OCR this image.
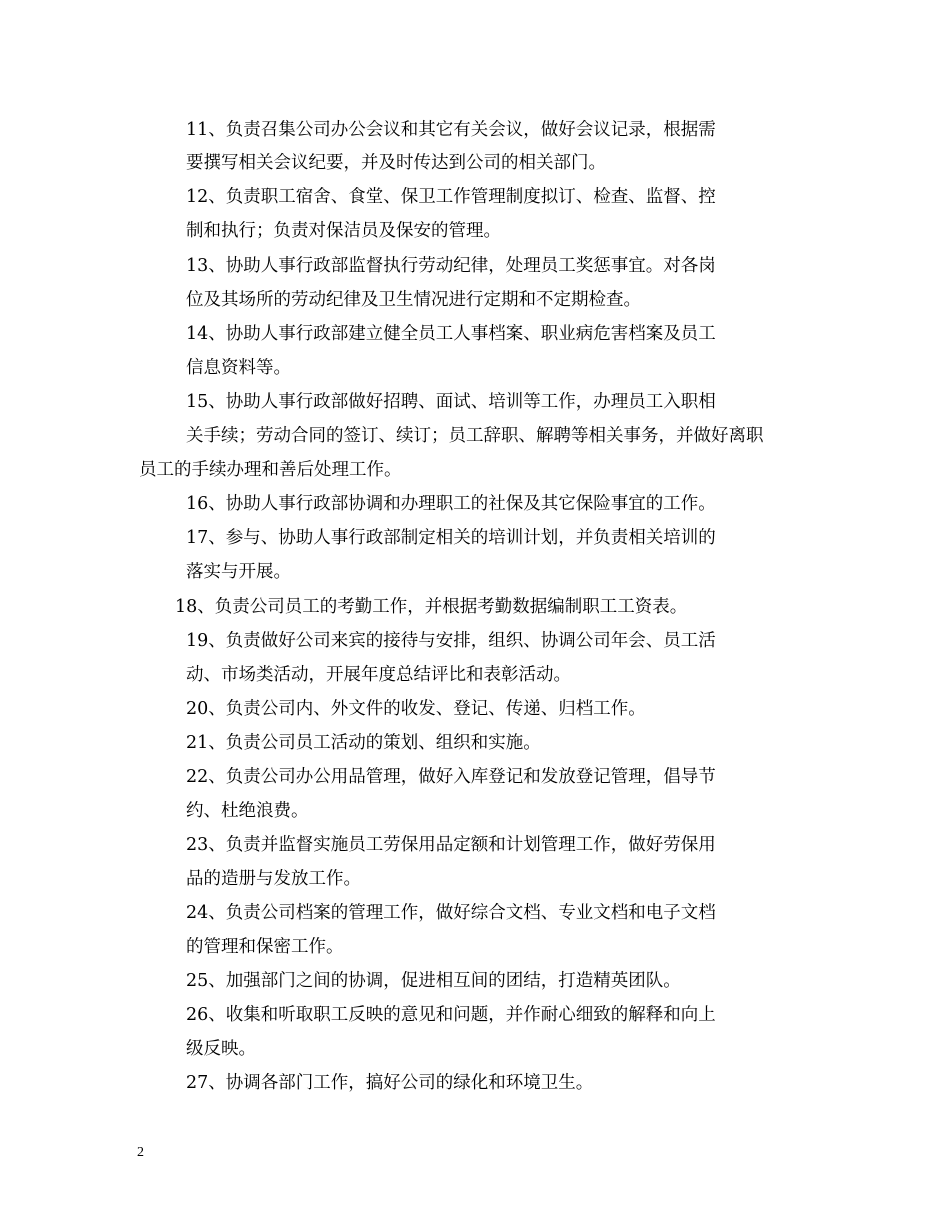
11、负责召集公司办公会议和其它有关会议，做好会议记录，根据需
要撰写相关会议纪要，并及时传达到公司的相关部门。
12、负责职工宿舍、食堂、保卫工作管理制度拟订、检查、监督、控
制和执行；负责对保洁员及保安的管理。
13、协助人事行政部监督执行劳动纪律，处理员工奖惩事宜。对各岗
位及其场所的劳动纪律及卫生情况进行定期和不定期检查。
14、协助人事行政部建立健全员工人事档案、职业病危害档案及员工
信息资料等。
15、协助人事行政部做好招聘、面试、培训等工作，办理员工入职相
关手续；劳动合同的签订、续订；员工辞职、解聘等相关事务，并做好离职
员工的手续办理和善后处理工作。
16、协助人事行政部协调和办理职工的社保及其它保险事宜的工作。
17、参与、协助人事行政部制定相关的培训计划，并负责相关培训的
落实与开展。
18、负责公司员工的考勤工作，并根据考勤数据编制职工工资表。
19、负责做好公司来宾的接待与安排，组织、协调公司年会、员工活
动、市场类活动，开展年度总结评比和表彰活动。
20、负责公司内、外文件的收发、登记、传递、归档工作。
21、负责公司员工活动的策划、组织和实施。
22、负责公司办公用品管理，做好入库登记和发放登记管理，倡导节
约、杜绝浪费。
23、负责并监督实施员工劳保用品定额和计划管理工作，做好劳保用
品的造册与发放工作。
24、负责公司档案的管理工作，做好综合文档、专业文档和电子文档
的管理和保密工作。
25、加强部门之间的协调，促进相互间的团结，打造精英团队。
26、收集和听取职工反映的意见和问题，并作耐心细致的解释和向上
级反映。
27、协调各部门工作，搞好公司的绿化和环境卫生。
2
